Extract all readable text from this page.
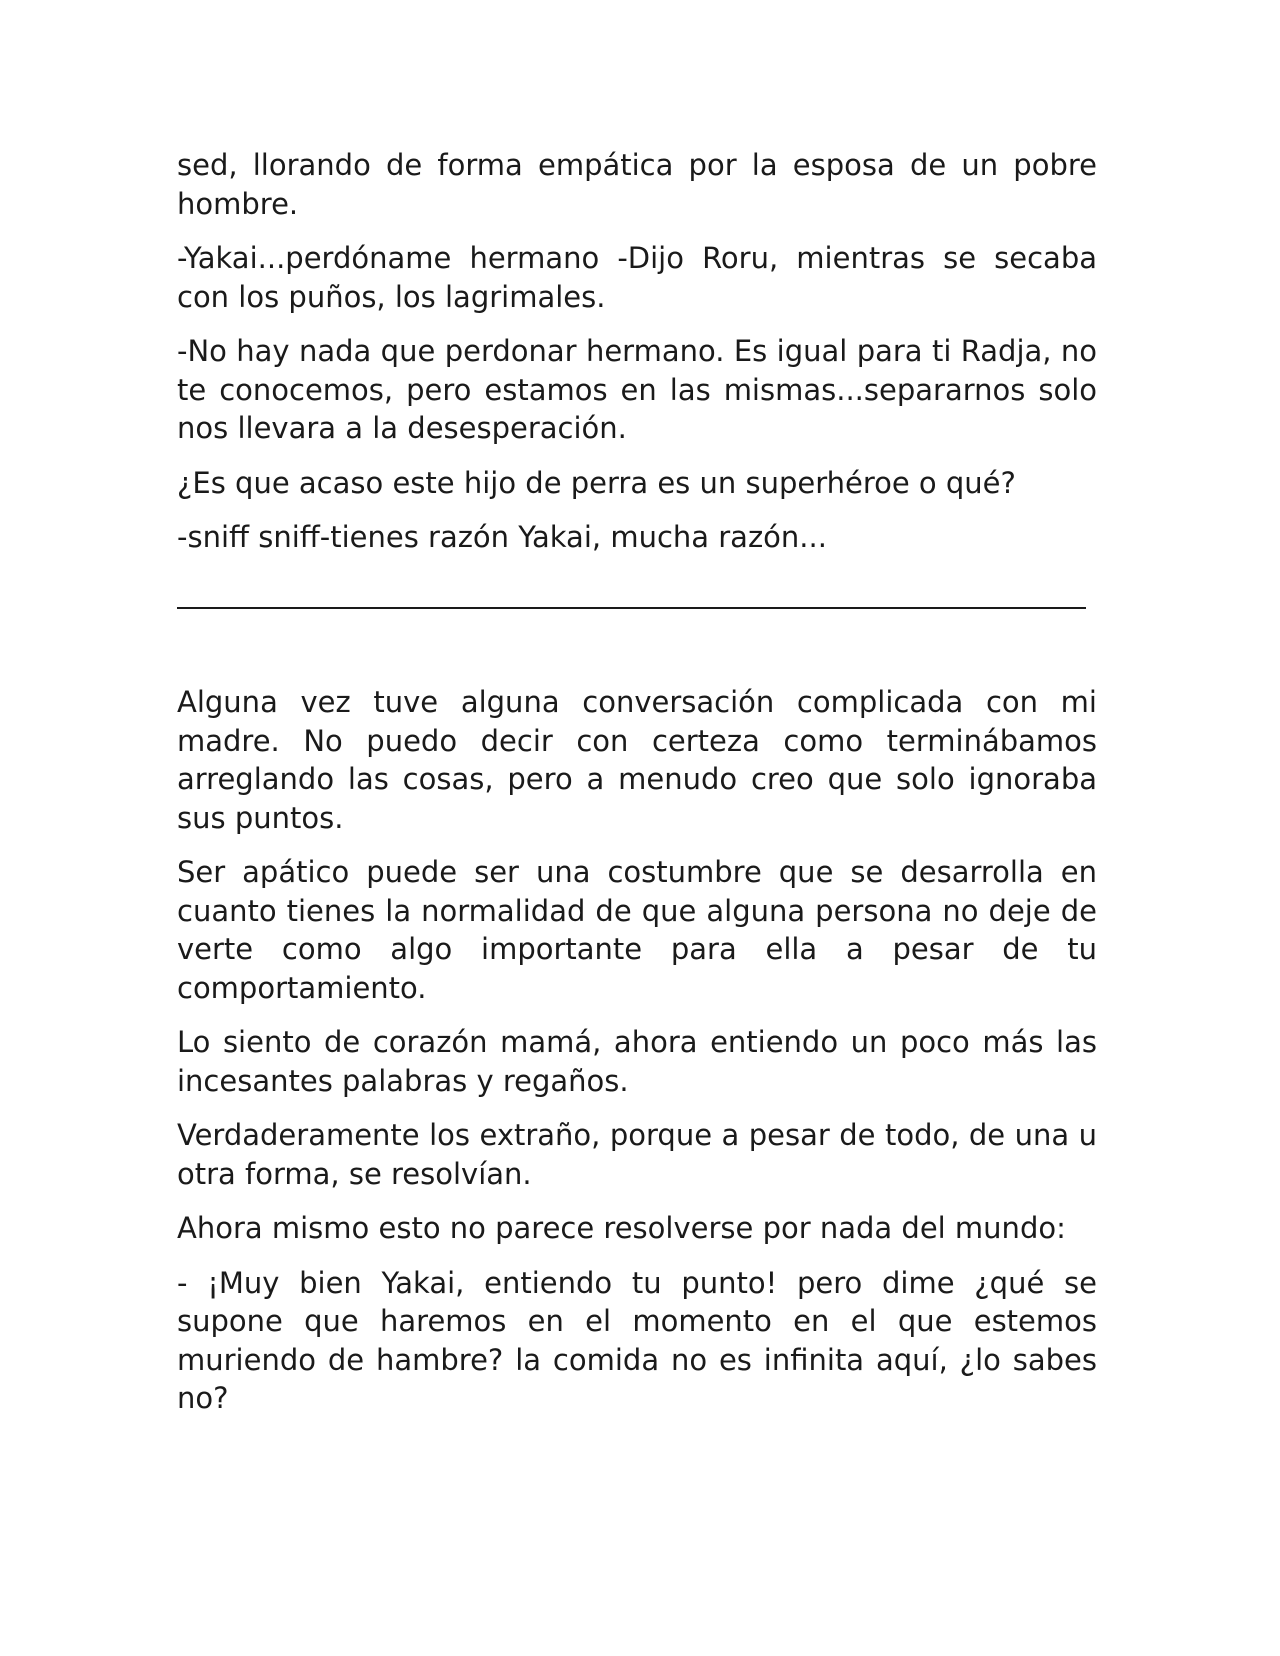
sed, llorando de forma empática por la esposa de un pobre hombre.

-Yakai...perdóname hermano -Dijo Roru, mientras se secaba con los puños, los lagrimales.

-No hay nada que perdonar hermano. Es igual para ti Radja, no te conocemos, pero estamos en las mismas...separarnos solo nos llevara a la desesperación.

¿Es que acaso este hijo de perra es un superhéroe o qué?

-sniff sniff-tienes razón Yakai, mucha razón...

Alguna vez tuve alguna conversación complicada con mi madre. No puedo decir con certeza como terminábamos arreglando las cosas, pero a menudo creo que solo ignoraba sus puntos.

Ser apático puede ser una costumbre que se desarrolla en cuanto tienes la normalidad de que alguna persona no deje de verte como algo importante para ella a pesar de tu comportamiento.

Lo siento de corazón mamá, ahora entiendo un poco más las incesantes palabras y regaños.

Verdaderamente los extraño, porque a pesar de todo, de una u otra forma, se resolvían.

Ahora mismo esto no parece resolverse por nada del mundo:

- ¡Muy bien Yakai, entiendo tu punto! pero dime ¿qué se supone que haremos en el momento en el que estemos muriendo de hambre? la comida no es infinita aquí, ¿lo sabes no?
